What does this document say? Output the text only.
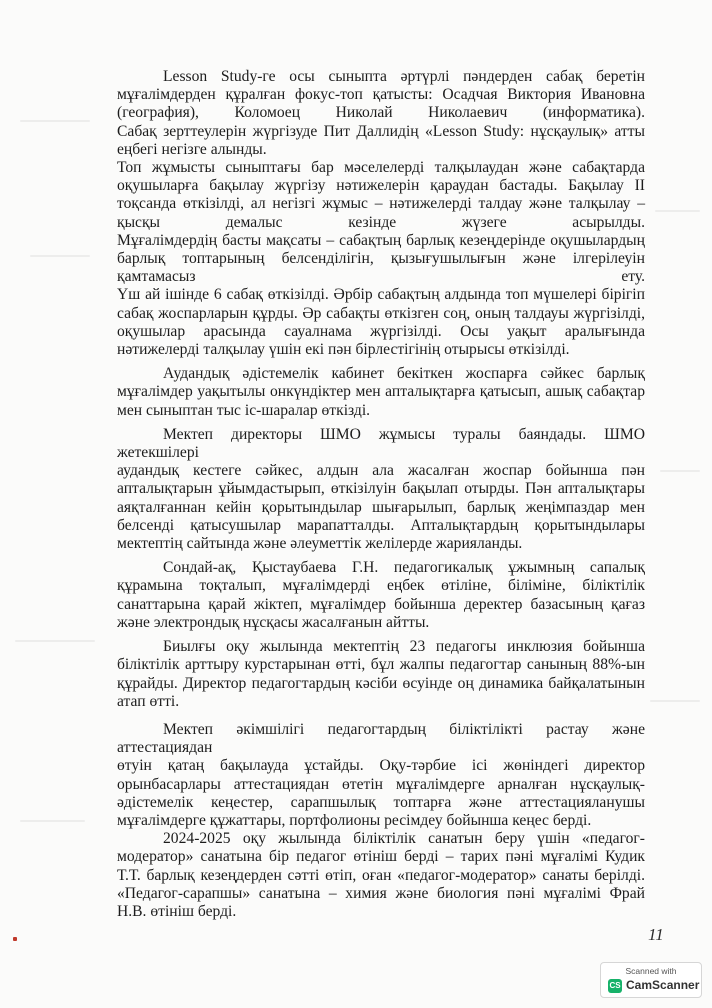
Lesson Study-ге осы сыныпта әртүрлі пәндерден сабақ беретін
мұғалімдерден құралған фокус-топ қатысты: Осадчая Виктория Ивановна
(география), Коломоец Николай Николаевич (информатика).
Сабақ зерттеулерін жүргізуде Пит Даллидің «Lesson Study: нұсқаулық» атты
еңбегі негізге алынды.
Топ жұмысты сыныптағы бар мәселелерді талқылаудан және сабақтарда
оқушыларға бақылау жүргізу нәтижелерін қараудан бастады. Бақылау II
тоқсанда өткізілді, ал негізгі жұмыс – нәтижелерді талдау және талқылау –
қысқы демалыс кезінде жүзеге асырылды.
Мұғалімдердің басты мақсаты – сабақтың барлық кезеңдерінде оқушылардың
барлық топтарының белсенділігін, қызығушылығын және ілгерілеуін
қамтамасыз ету.
Үш ай ішінде 6 сабақ өткізілді. Әрбір сабақтың алдында топ мүшелері бірігіп
сабақ жоспарларын құрды. Әр сабақты өткізген соң, оның талдауы жүргізілді,
оқушылар арасында сауалнама жүргізілді. Осы уақыт аралығында
нәтижелерді талқылау үшін екі пән бірлестігінің отырысы өткізілді.
Аудандық әдістемелік кабинет бекіткен жоспарға сәйкес барлық
мұғалімдер уақытылы онкүндіктер мен апталықтарға қатысып, ашық сабақтар
мен сыныптан тыс іс-шаралар өткізді.
Мектеп директоры ШМО жұмысы туралы баяндады. ШМО жетекшілері
аудандық кестеге сәйкес, алдын ала жасалған жоспар бойынша пән
апталықтарын ұйымдастырып, өткізілуін бақылап отырды. Пән апталықтары
аяқталғаннан кейін қорытындылар шығарылып, барлық жеңімпаздар мен
белсенді қатысушылар марапатталды. Апталықтардың қорытындылары
мектептің сайтында және әлеуметтік желілерде жарияланды.
Сондай-ақ, Қыстаубаева Г.Н. педагогикалық ұжымның сапалық
құрамына тоқталып, мұғалімдерді еңбек өтіліне, біліміне, біліктілік
санаттарына қарай жіктеп, мұғалімдер бойынша деректер базасының қағаз
және электрондық нұсқасы жасалғанын айтты.
Биылғы оқу жылында мектептің 23 педагогы инклюзия бойынша
біліктілік арттыру курстарынан өтті, бұл жалпы педагогтар санының 88%-ын
құрайды. Директор педагогтардың кәсіби өсуінде оң динамика байқалатынын
атап өтті.
Мектеп әкімшілігі педагогтардың біліктілікті растау және аттестациядан
өтуін қатаң бақылауда ұстайды. Оқу-тәрбие ісі жөніндегі директор
орынбасарлары аттестациядан өтетін мұғалімдерге арналған нұсқаулық-
әдістемелік кеңестер, сарапшылық топтарға және аттестацияланушы
мұғалімдерге құжаттары, портфолионы ресімдеу бойынша кеңес берді.
2024-2025 оқу жылында біліктілік санатын беру үшін «педагог-
модератор» санатына бір педагог өтініш берді – тарих пәні мұғалімі Кудик
Т.Т. барлық кезеңдерден сәтті өтіп, оған «педагог-модератор» санаты берілді.
«Педагог-сарапшы» санатына – химия және биология пәні мұғалімі Фрай
Н.В. өтініш берді.
11
Scanned with
CS CamScanner
